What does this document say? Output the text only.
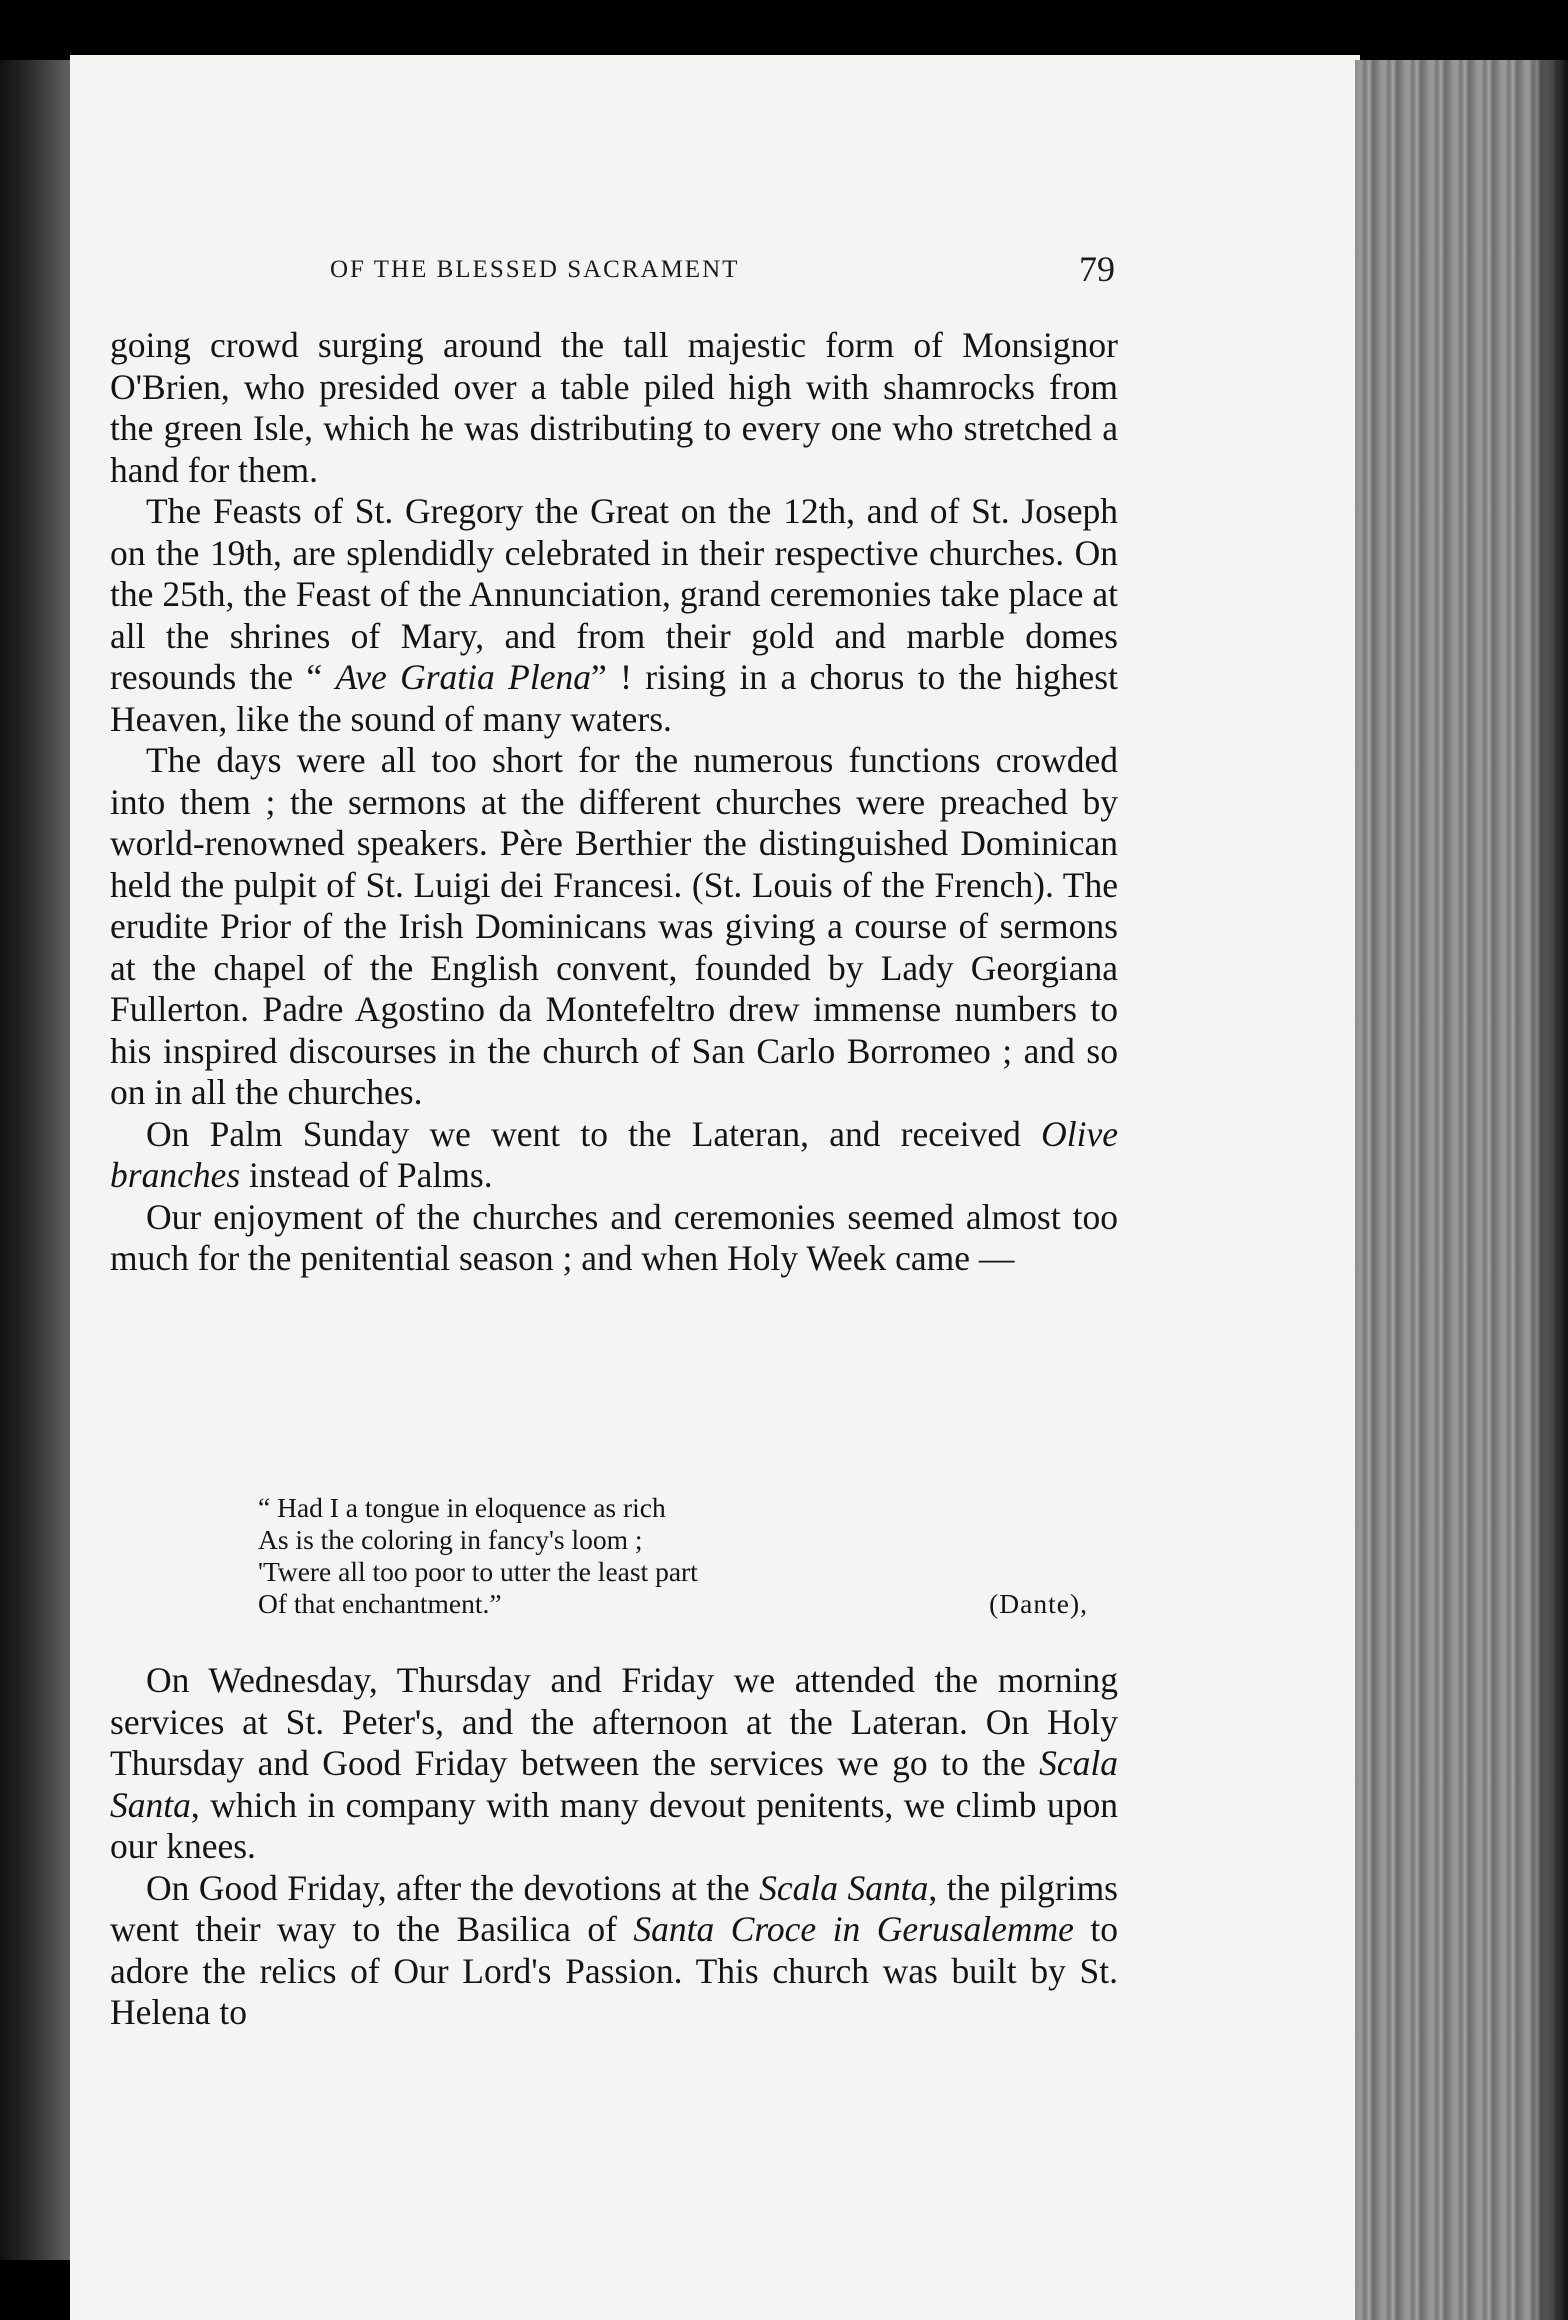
OF THE BLESSED SACRAMENT	79

going crowd surging around the tall majestic form of Monsignor O'Brien, who presided over a table piled high with shamrocks from the green Isle, which he was distributing to every one who stretched a hand for them.

The Feasts of St. Gregory the Great on the 12th, and of St. Joseph on the 19th, are splendidly celebrated in their respective churches. On the 25th, the Feast of the Annunciation, grand ceremonies take place at all the shrines of Mary, and from their gold and marble domes resounds the “ Ave Gratia Plena” ! rising in a chorus to the highest Heaven, like the sound of many waters.

The days were all too short for the numerous functions crowded into them ; the sermons at the different churches were preached by world-renowned speakers. Père Berthier the distinguished Dominican held the pulpit of St. Luigi dei Francesi. (St. Louis of the French). The erudite Prior of the Irish Dominicans was giving a course of sermons at the chapel of the English convent, founded by Lady Georgiana Fullerton. Padre Agostino da Montefeltro drew immense numbers to his inspired discourses in the church of San Carlo Borromeo ; and so on in all the churches.

On Palm Sunday we went to the Lateran, and received Olive branches instead of Palms.

Our enjoyment of the churches and ceremonies seemed almost too much for the penitential season ; and when Holy Week came —

“ Had I a tongue in eloquence as rich
As is the coloring in fancy's loom ;
'Twere all too poor to utter the least part
Of that enchantment.”	(Dante),

On Wednesday, Thursday and Friday we attended the morning services at St. Peter's, and the afternoon at the Lateran. On Holy Thursday and Good Friday between the services we go to the Scala Santa, which in company with many devout penitents, we climb upon our knees.

On Good Friday, after the devotions at the Scala Santa, the pilgrims went their way to the Basilica of Santa Croce in Gerusalemme to adore the relics of Our Lord's Passion. This church was built by St. Helena to
